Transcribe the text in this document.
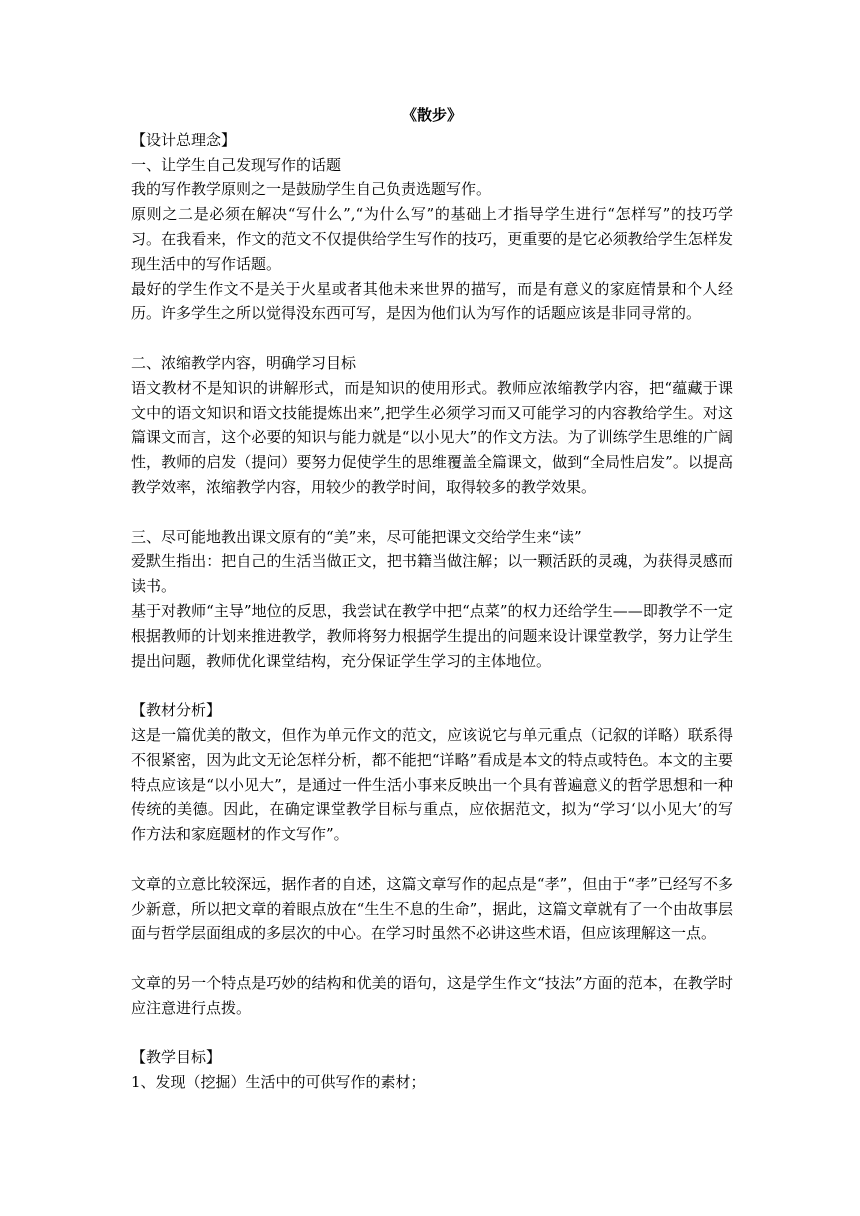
《散步》

【设计总理念】

一、让学生自己发现写作的话题

我的写作教学原则之一是鼓励学生自己负责选题写作。

原则之二是必须在解决“写什么”,“为什么写”的基础上才指导学生进行“怎样写”的技巧学习。在我看来，作文的范文不仅提供给学生写作的技巧，更重要的是它必须教给学生怎样发现生活中的写作话题。

最好的学生作文不是关于火星或者其他未来世界的描写，而是有意义的家庭情景和个人经历。许多学生之所以觉得没东西可写，是因为他们认为写作的话题应该是非同寻常的。

二、浓缩教学内容，明确学习目标

语文教材不是知识的讲解形式，而是知识的使用形式。教师应浓缩教学内容，把“蕴藏于课文中的语文知识和语文技能提炼出来”,把学生必须学习而又可能学习的内容教给学生。对这篇课文而言，这个必要的知识与能力就是“以小见大”的作文方法。为了训练学生思维的广阔性，教师的启发（提问）要努力促使学生的思维覆盖全篇课文，做到“全局性启发”。以提高教学效率，浓缩教学内容，用较少的教学时间，取得较多的教学效果。

三、尽可能地教出课文原有的“美”来，尽可能把课文交给学生来“读”

爱默生指出：把自己的生活当做正文，把书籍当做注解；以一颗活跃的灵魂，为获得灵感而读书。

基于对教师“主导”地位的反思，我尝试在教学中把“点菜”的权力还给学生——即教学不一定根据教师的计划来推进教学，教师将努力根据学生提出的问题来设计课堂教学，努力让学生提出问题，教师优化课堂结构，充分保证学生学习的主体地位。

【教材分析】

这是一篇优美的散文，但作为单元作文的范文，应该说它与单元重点（记叙的详略）联系得不很紧密，因为此文无论怎样分析，都不能把“详略”看成是本文的特点或特色。本文的主要特点应该是“以小见大”，是通过一件生活小事来反映出一个具有普遍意义的哲学思想和一种传统的美德。因此，在确定课堂教学目标与重点，应依据范文，拟为“学习‘以小见大’的写作方法和家庭题材的作文写作”。

文章的立意比较深远，据作者的自述，这篇文章写作的起点是“孝”，但由于“孝”已经写不多少新意，所以把文章的着眼点放在“生生不息的生命”，据此，这篇文章就有了一个由故事层面与哲学层面组成的多层次的中心。在学习时虽然不必讲这些术语，但应该理解这一点。

文章的另一个特点是巧妙的结构和优美的语句，这是学生作文“技法”方面的范本，在教学时应注意进行点拨。

【教学目标】

1、发现（挖掘）生活中的可供写作的素材；
